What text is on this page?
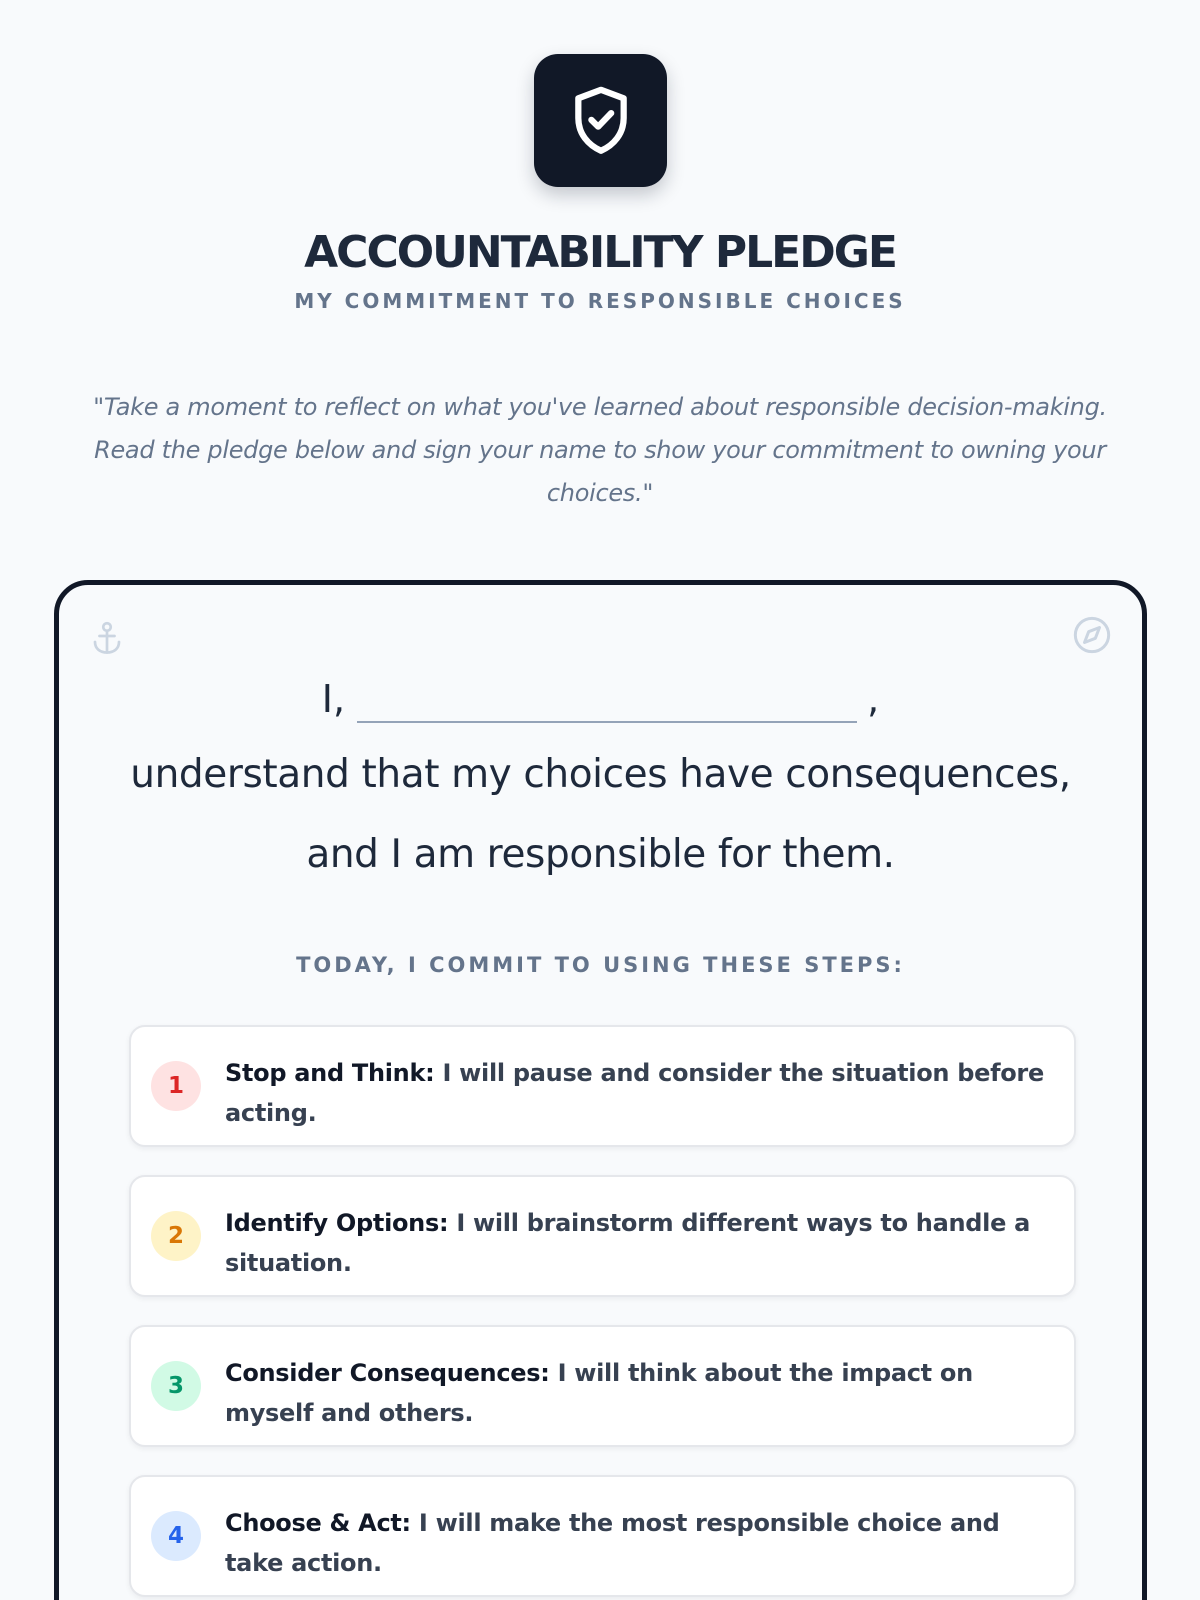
ACCOUNTABILITY PLEDGE
MY COMMITMENT TO RESPONSIBLE CHOICES

"Take a moment to reflect on what you've learned about responsible decision-making. Read the pledge below and sign your name to show your commitment to owning your choices."

I,	,
understand that my choices have consequences,
and I am responsible for them.
TODAY, I COMMIT TO USING THESE STEPS:
1	Stop and Think: I will pause and consider the situation before acting.
2	Identify Options: I will brainstorm different ways to handle a situation.
3	Consider Consequences: I will think about the impact on myself and others.
4	Choose & Act: I will make the most responsible choice and take action.
